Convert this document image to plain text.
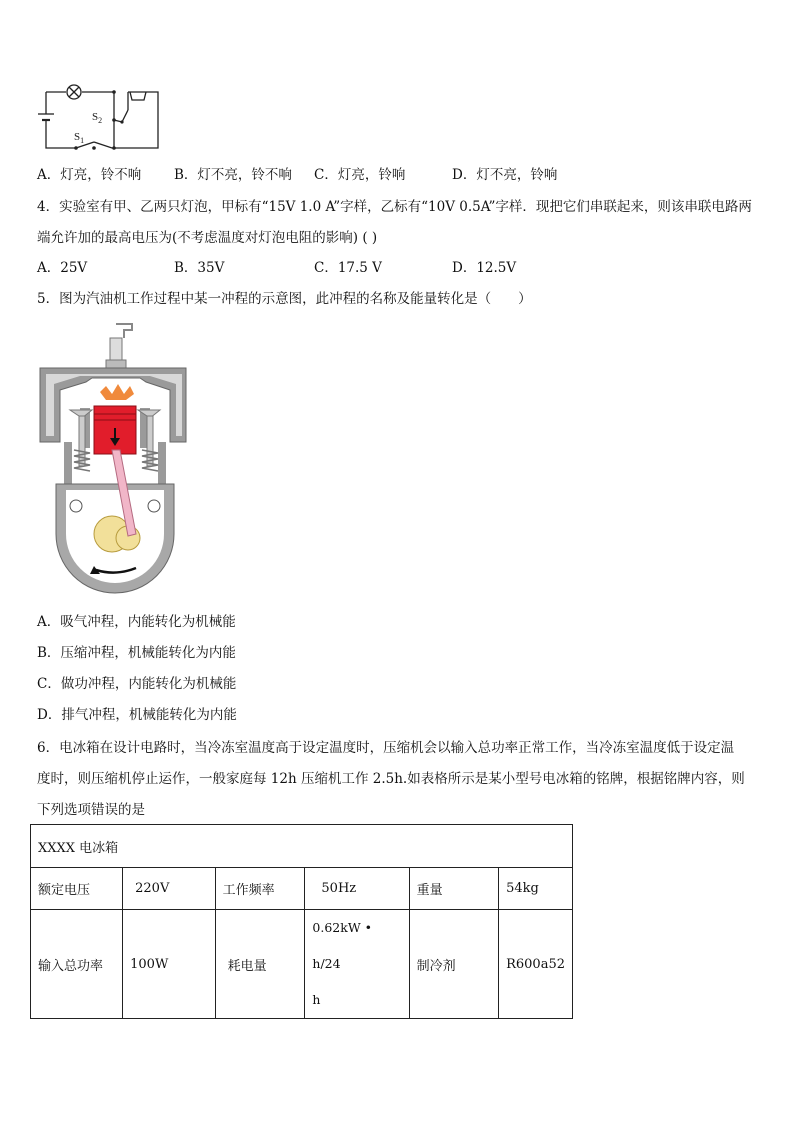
$S_2$
$S_1$
A．灯亮，铃不响 B．灯不亮，铃不响 C．灯亮，铃响	D．灯不亮，铃响
4．实验室有甲、乙两只灯泡，甲标有“15V 1.0 A”字样，乙标有“10V 0.5A”字样．现把它们串联起来，则该串联电路两
端允许加的最高电压为(不考虑温度对灯泡电阻的影响) ( )
A．25V	B．35V	C．17.5 V	D．12.5V
5．图为汽油机工作过程中某一冲程的示意图，此冲程的名称及能量转化是（　　）
A．吸气冲程，内能转化为机械能
B．压缩冲程，机械能转化为内能
C．做功冲程，内能转化为机械能
D．排气冲程，机械能转化为内能
6．电冰箱在设计电路时，当冷冻室温度高于设定温度时，压缩机会以输入总功率正常工作，当冷冻室温度低于设定温
度时，则压缩机停止运作，一般家庭每 12h 压缩机工作 2.5h.如表格所示是某小型号电冰箱的铭牌，根据铭牌内容，则
下列选项错误的是
XXXX 电冰箱					
额定电压	220V	工作频率	50Hz	重量	54kg
输入总功率	100W	耗电量	0.62kW • h/24
h	制冷剂	R600a52
